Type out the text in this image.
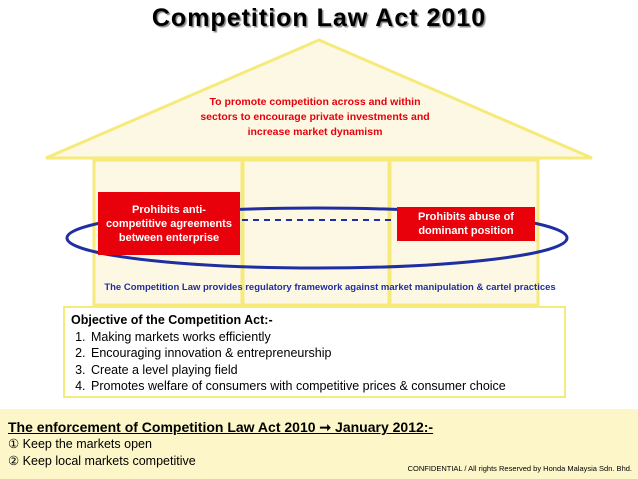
Competition Law Act 2010
To promote competition across and within sectors to encourage private investments and increase market dynamism
Prohibits anti-competitive agreements between enterprise
Prohibits abuse of dominant position
The Competition Law provides regulatory framework against market manipulation & cartel practices
Objective of the Competition Act:-
1. Making markets works efficiently
2. Encouraging innovation & entrepreneurship
3. Create a level playing field
4. Promotes welfare of consumers with competitive prices & consumer choice
The enforcement of Competition Law Act 2010 ➞ January 2012:-
① Keep the markets open
② Keep local markets competitive
CONFIDENTIAL / All rights Reserved by Honda Malaysia Sdn. Bhd.
